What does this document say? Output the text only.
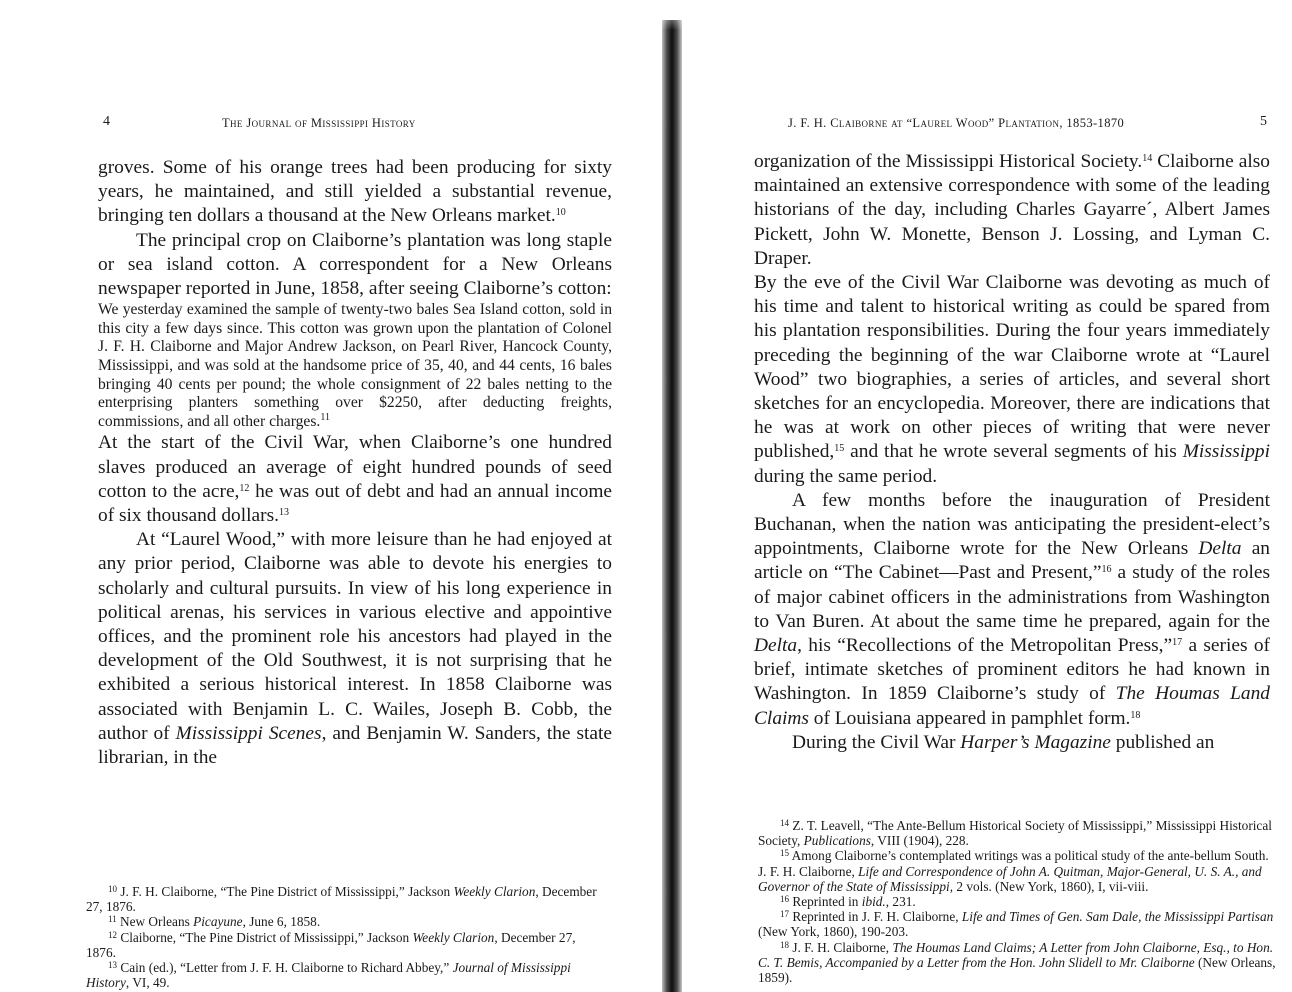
4	The Journal of Mississippi History

groves. Some of his orange trees had been producing for sixty years, he maintained, and still yielded a substantial revenue, bringing ten dollars a thousand at the New Orleans market.$^{10}$

The principal crop on Claiborne’s plantation was long staple or sea island cotton. A correspondent for a New Orleans newspaper reported in June, 1858, after seeing Claiborne’s cotton:

We yesterday examined the sample of twenty-two bales Sea Island cotton, sold in this city a few days since. This cotton was grown upon the plantation of Colonel J. F. H. Claiborne and Major Andrew Jackson, on Pearl River, Hancock County, Mississippi, and was sold at the handsome price of 35, 40, and 44 cents, 16 bales bringing 40 cents per pound; the whole consignment of 22 bales netting to the enterprising planters something over $2250, after deducting freights, commissions, and all other charges.$^{11}$

At the start of the Civil War, when Claiborne’s one hundred slaves produced an average of eight hundred pounds of seed cotton to the acre,$^{12}$ he was out of debt and had an annual income of six thousand dollars.$^{13}$

At “Laurel Wood,” with more leisure than he had enjoyed at any prior period, Claiborne was able to devote his energies to scholarly and cultural pursuits. In view of his long experience in political arenas, his services in various elective and appointive offices, and the prominent role his ancestors had played in the development of the Old Southwest, it is not surprising that he exhibited a serious historical interest. In 1858 Claiborne was associated with Benjamin L. C. Wailes, Joseph B. Cobb, the author of Mississippi Scenes, and Benjamin W. Sanders, the state librarian, in the

$^{10}$ J. F. H. Claiborne, “The Pine District of Mississippi,” Jackson Weekly Clarion, December 27, 1876.

$^{11}$ New Orleans Picayune, June 6, 1858.

$^{12}$ Claiborne, “The Pine District of Mississippi,” Jackson Weekly Clarion, December 27, 1876.

$^{13}$ Cain (ed.), “Letter from J. F. H. Claiborne to Richard Abbey,” Journal of Mississippi History, VI, 49.

J. F. H. Claiborne at “Laurel Wood” Plantation, 1853-1870	5

organization of the Mississippi Historical Society.$^{14}$ Claiborne also maintained an extensive correspondence with some of the leading historians of the day, including Charles Gayarre´, Albert James Pickett, John W. Monette, Benson J. Lossing, and Lyman C. Draper.

By the eve of the Civil War Claiborne was devoting as much of his time and talent to historical writing as could be spared from his plantation responsibilities. During the four years immediately preceding the beginning of the war Claiborne wrote at “Laurel Wood” two biographies, a series of articles, and several short sketches for an encyclopedia. Moreover, there are indications that he was at work on other pieces of writing that were never published,$^{15}$ and that he wrote several segments of his Mississippi during the same period.

A few months before the inauguration of President Buchanan, when the nation was anticipating the president-elect’s appointments, Claiborne wrote for the New Orleans Delta an article on “The Cabinet—Past and Present,”$^{16}$ a study of the roles of major cabinet officers in the administrations from Washington to Van Buren. At about the same time he prepared, again for the Delta, his “Recollections of the Metropolitan Press,”$^{17}$ a series of brief, intimate sketches of prominent editors he had known in Washington. In 1859 Claiborne’s study of The Houmas Land Claims of Louisiana appeared in pamphlet form.$^{18}$

During the Civil War Harper’s Magazine published an

$^{14}$ Z. T. Leavell, “The Ante-Bellum Historical Society of Mississippi,” Mississippi Historical Society, Publications, VIII (1904), 228.

$^{15}$ Among Claiborne’s contemplated writings was a political study of the ante-bellum South. J. F. H. Claiborne, Life and Correspondence of John A. Quitman, Major-General, U. S. A., and Governor of the State of Mississippi, 2 vols. (New York, 1860), I, vii-viii.

$^{16}$ Reprinted in ibid., 231.

$^{17}$ Reprinted in J. F. H. Claiborne, Life and Times of Gen. Sam Dale, the Mississippi Partisan (New York, 1860), 190-203.

$^{18}$ J. F. H. Claiborne, The Houmas Land Claims; A Letter from John Claiborne, Esq., to Hon. C. T. Bemis, Accompanied by a Letter from the Hon. John Slidell to Mr. Claiborne (New Orleans, 1859).
